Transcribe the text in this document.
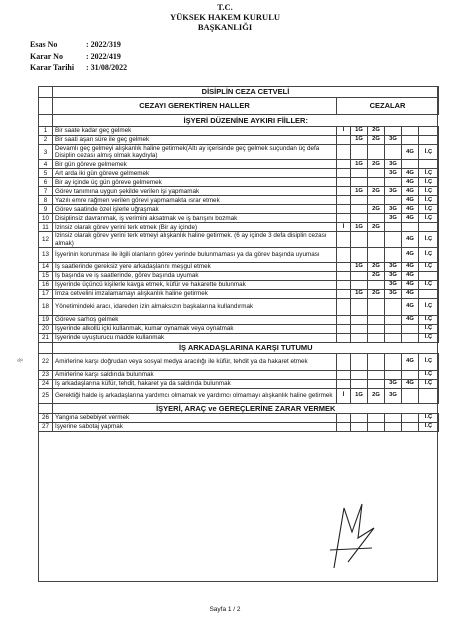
T.C.
YÜKSEK HAKEM KURULU
BAŞKANLIĞI
Esas No	: 2022/319
Karar No	: 2022/419
Karar Tarihi : 31/08/2022
	DİSİPLİN CEZA CETVELİ						
	CEZAYI GEREKTİREN HALLER	CEZALAR					
	İŞYERİ DÜZENİNE AYKIRI FİİLLER:						
1	Bir saate kadar geç gelmek	İ	1G	2G			
2	Bir saati aşan süre ile geç gelmek		1G	2G	3G		
3	Devamlı geç gelmeyi alışkanlık haline getirmek(Altı ay içerisinde geç gelmek suçundan üç defa Disiplin cezası almış olmak kaydıyla)					4G	İ.Ç
4	Bir gün göreve gelmemek		1G	2G	3G		
5	Art arda iki gün göreve gelmemek				3G	4G	İ.Ç
6	Bir ay içinde üç gün göreve gelmemek					4G	İ.Ç
7	Görev tanımına uygun şekilde verilen işi yapmamak		1G	2G	3G	4G	İ.Ç
8	Yazılı emre rağmen verilen görevi yapmamakta ısrar etmek					4G	İ.Ç
9	Görev saatinde özel işlerle uğraşmak			2G	3G	4G	İ.Ç
10	Disiplinsiz davranmak, iş verimini aksatmak ve iş barışını bozmak				3G	4G	İ.Ç
11	İzinsiz olarak görev yerini terk etmek (Bir ay içinde)	İ	1G	2G			
12	İzinsiz olarak görev yerini terk etmeyi alışkanlık haline getirmek. (6 ay içinde 3 defa disiplin cezası almak)					4G	İ.Ç
13	İşyerinin korunması ile ilgili olanların görev yerinde bulunmaması ya da görev başında uyuması					4G	İ.Ç
14	İş saatlerinde gereksiz yere arkadaşlarını meşgul etmek		1G	2G	3G	4G	İ.Ç
15	İş başında ve iş saatlerinde, görev başında uyumak			2G	3G	4G	
16	İşyerinde üçüncü kişilerle kavga etmek, küfür ve hakarette bulunmak				3G	4G	İ.Ç
17	İmza cetvelini imzalamamayı alışkanlık haline getirmek		1G	2G	3G	4G	
18	Yönetimindeki aracı, idareden izin almaksızın başkalarına kullandırmak					4G	İ.Ç
19	Göreve sarhoş gelmek					4G	İ.Ç
20	İşyerinde alkollü içki kullanmak, kumar oynamak veya oynatmak						İ.Ç
21	İşyerinde uyuşturucu madde kullanmak						İ.Ç
	İŞ ARKADAŞLARINA KARŞI TUTUMU						
22	Amirlerine karşı doğrudan veya sosyal medya aracılığı ile küfür, tehdit ya da hakaret etmek					4G	İ.Ç
23	Amirlerine karşı saldırıda bulunmak						İ.Ç
24	İş arkadaşlarına küfür, tehdit, hakaret ya da saldırıda bulunmak				3G	4G	İ.Ç
25	Gerektiği halde iş arkadaşlarına yardımcı olmamak ve yardımcı olmamayı alışkanlık haline getirmek	İ	1G	2G	3G		
	İŞYERİ, ARAÇ ve GEREÇLERİNE ZARAR VERMEK						
26	Yangına sebebiyet vermek						İ.Ç
27	İşyerine sabotaj yapmak						İ.Ç
%
Sayfa 1 / 2
